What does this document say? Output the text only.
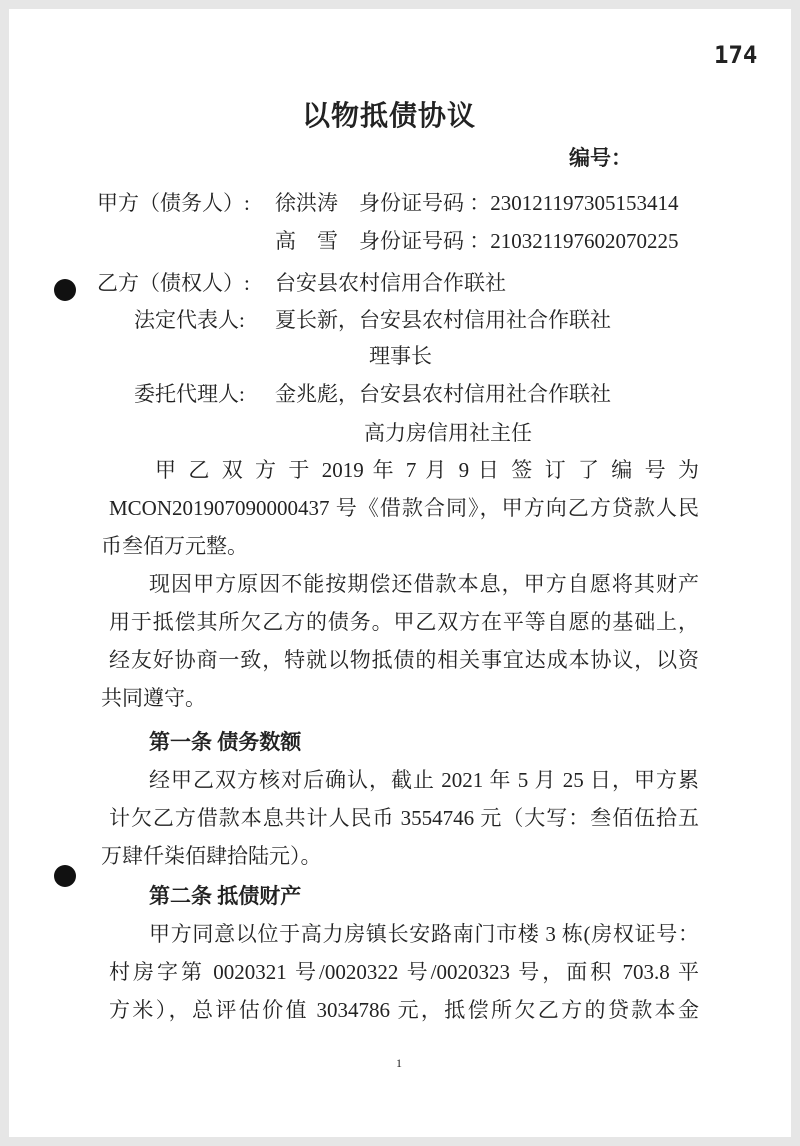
174
以物抵债协议
编号：
甲方（债务人）: 徐洪涛 身份证号码 ：230121197305153414
高　雪 身份证号码 ：210321197602070225
乙方（债权人）: 台安县农村信用合作联社
法定代表人: 夏长新，台安县农村信用社合作联社
理事长
委托代理人: 金兆彪，台安县农村信用社合作联社
高力房信用社主任
甲 乙 双 方 于 2019 年 7 月 9 日 签 订 了 编 号 为
MCON201907090000437 号《借款合同》，甲方向乙方贷款人民
币叁佰万元整。
现因甲方原因不能按期偿还借款本息，甲方自愿将其财产
用于抵偿其所欠乙方的债务。甲乙双方在平等自愿的基础上，
经友好协商一致，特就以物抵债的相关事宜达成本协议，以资
共同遵守。
第一条 债务数额
经甲乙双方核对后确认，截止 2021 年 5 月 25 日，甲方累
计欠乙方借款本息共计人民币 3554746 元（大写：叁佰伍拾五
万肆仟柒佰肆拾陆元）。
第二条 抵债财产
甲方同意以位于高力房镇长安路南门市楼 3 栋(房权证号：
村房字第 0020321 号/0020322 号/0020323 号，面积 703.8 平
方米），总评估价值 3034786 元，抵偿所欠乙方的贷款本金
1
